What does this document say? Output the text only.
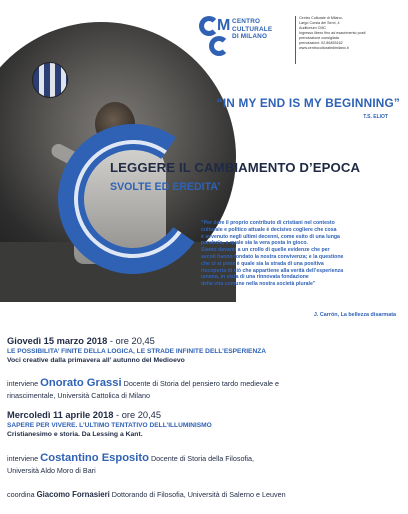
M CENTRO
CULTURALE
DI MILANO
Centro Culturale di Milano,
Largo Corsia dei Servi, 4
Auditorium CMC
Ingresso libero fino ad esaurimento posti
prenotazione consigliata
prenotazioni: 02.86455162
www.centroculturaledimilano.it
“IN MY END IS MY BEGINNING”
T.S. ELIOT
LEGGERE IL CAMBIAMENTO D’EPOCA
SVOLTE ED EREDITA’
“Per dare il proprio contributo di cristiani nel contesto
culturale e politico attuale è decisivo cogliere che cosa
è avvenuto negli ultimi decenni, come esito di una lunga
parabola, e quale sia la vera posta in gioco.
Siamo davanti a un crollo di quelle evidenze che per
secoli hanno fondato la nostra convivenza; e la questione
che ci si pone è quale sia la strada di una positiva
riscoperta di ciò che appartiene alla verità dell’esperienza
umana, in vista di una rinnovata fondazione
della vita comune nella nostra società plurale”
J. Carrón, La bellezza disarmata
Giovedì 15 marzo 2018 - ore 20,45
LE POSSIBILITA’ FINITE DELLA LOGICA, LE STRADE INFINITE DELL’ESPERIENZA
Voci creative dalla primavera all’ autunno del Medioevo
interviene Onorato Grassi Docente di Storia del pensiero tardo medievale e
rinascimentale, Università Cattolica di Milano
Mercoledì 11 aprile 2018 - ore 20,45
SAPERE PER VIVERE. L’ULTIMO TENTATIVO DELL’ILLUMINISMO
Cristianesimo e storia. Da Lessing a Kant.
interviene Costantino Esposito Docente di Storia della Filosofia,
Università Aldo Moro di Bari
coordina Giacomo Fornasieri Dottorando di Filosofia, Università di Salerno e Leuven
